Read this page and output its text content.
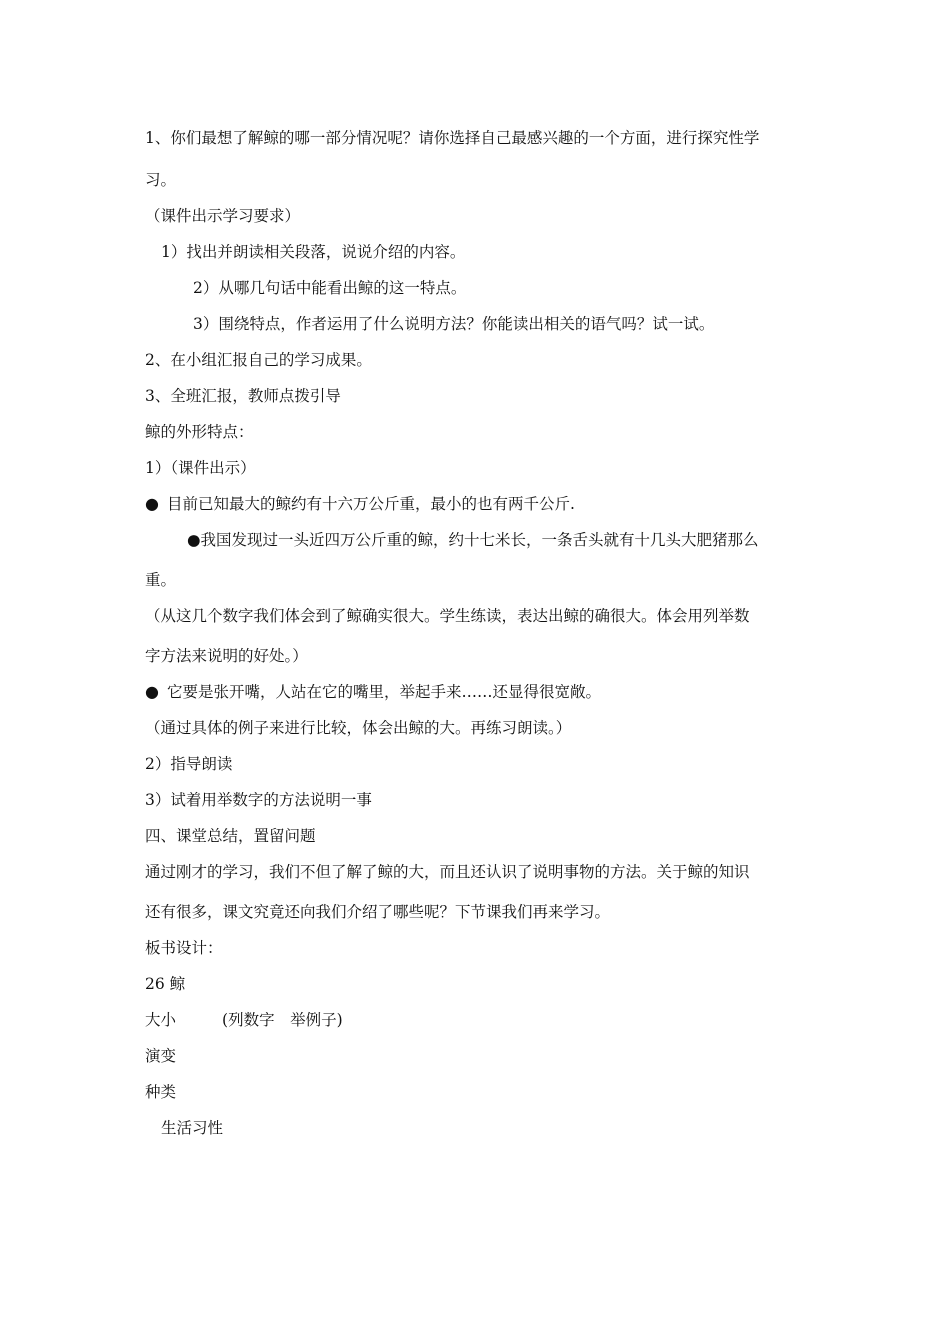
1、你们最想了解鲸的哪一部分情况呢？请你选择自己最感兴趣的一个方面，进行探究性学
习。
（课件出示学习要求）
1）找出并朗读相关段落，说说介绍的内容。
2）从哪几句话中能看出鲸的这一特点。
3）围绕特点，作者运用了什么说明方法？你能读出相关的语气吗？试一试。
2、在小组汇报自己的学习成果。
3、全班汇报，教师点拨引导
鲸的外形特点：
1）（课件出示）
● 目前已知最大的鲸约有十六万公斤重，最小的也有两千公斤.
●我国发现过一头近四万公斤重的鲸，约十七米长，一条舌头就有十几头大肥猪那么
重。
（从这几个数字我们体会到了鲸确实很大。学生练读，表达出鲸的确很大。体会用列举数
字方法来说明的好处。）
● 它要是张开嘴，人站在它的嘴里，举起手来……还显得很宽敞。
（通过具体的例子来进行比较，体会出鲸的大。再练习朗读。）
2）指导朗读
3）试着用举数字的方法说明一事
四、课堂总结，置留问题
通过刚才的学习，我们不但了解了鲸的大，而且还认识了说明事物的方法。关于鲸的知识
还有很多，课文究竟还向我们介绍了哪些呢？下节课我们再来学习。
板书设计：
26 鲸
大小	(列数字　举例子)
演变
种类
生活习性
